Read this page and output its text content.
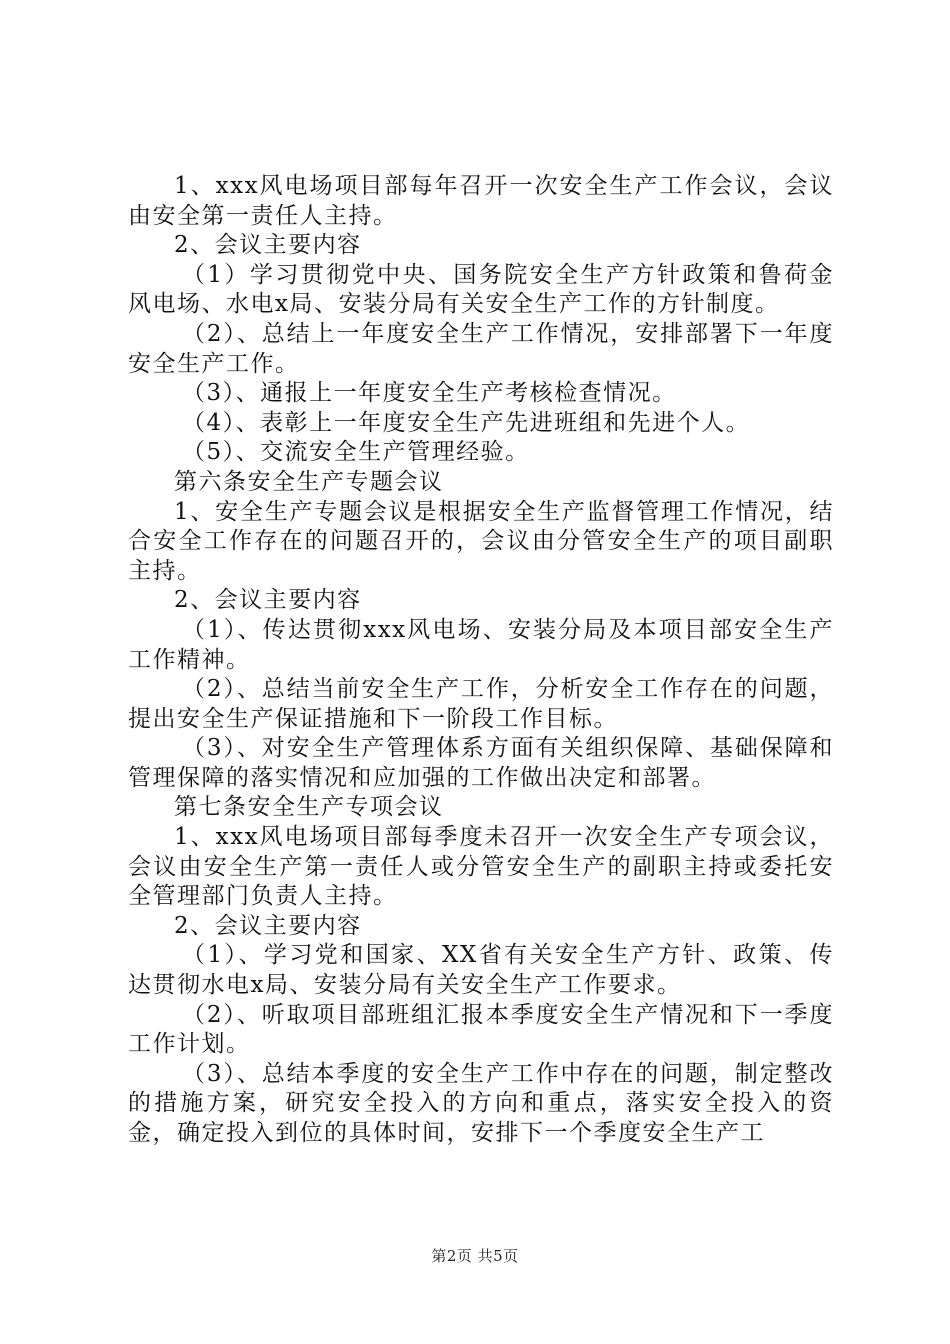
1、xxx风电场项目部每年召开一次安全生产工作会议，会议由安全第一责任人主持。

2、会议主要内容

（1）学习贯彻党中央、国务院安全生产方针政策和鲁荷金风电场、水电x局、安装分局有关安全生产工作的方针制度。

（2）、总结上一年度安全生产工作情况，安排部署下一年度安全生产工作。

（3）、通报上一年度安全生产考核检查情况。

（4）、表彰上一年度安全生产先进班组和先进个人。

（5）、交流安全生产管理经验。

第六条安全生产专题会议

1、安全生产专题会议是根据安全生产监督管理工作情况，结合安全工作存在的问题召开的，会议由分管安全生产的项目副职主持。

2、会议主要内容

（1）、传达贯彻xxx风电场、安装分局及本项目部安全生产工作精神。

（2）、总结当前安全生产工作，分析安全工作存在的问题，提出安全生产保证措施和下一阶段工作目标。

（3）、对安全生产管理体系方面有关组织保障、基础保障和管理保障的落实情况和应加强的工作做出决定和部署。

第七条安全生产专项会议

1、xxx风电场项目部每季度未召开一次安全生产专项会议，会议由安全生产第一责任人或分管安全生产的副职主持或委托安全管理部门负责人主持。

2、会议主要内容

（1）、学习党和国家、XX省有关安全生产方针、政策、传达贯彻水电x局、安装分局有关安全生产工作要求。

（2）、听取项目部班组汇报本季度安全生产情况和下一季度工作计划。

（3）、总结本季度的安全生产工作中存在的问题，制定整改的措施方案，研究安全投入的方向和重点，落实安全投入的资金，确定投入到位的具体时间，安排下一个季度安全生产工

第2页 共5页
